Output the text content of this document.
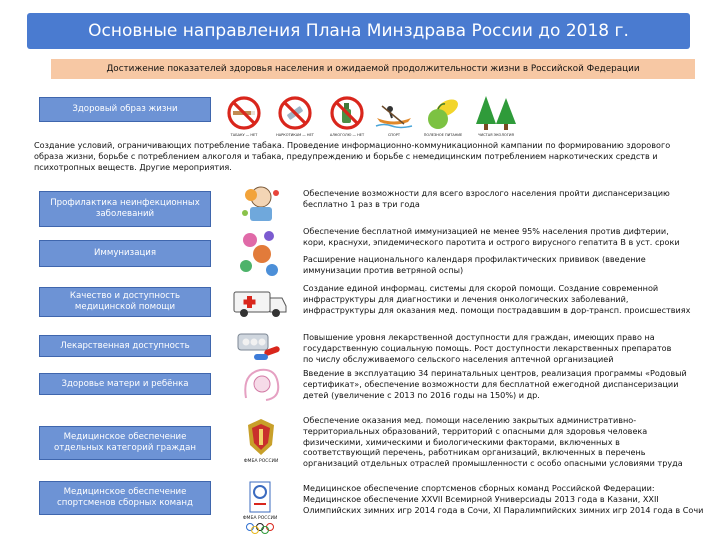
Основные направления Плана Минздрава России до 2018 г.
Достижение показателей здоровья населения и ожидаемой продолжительности жизни в Российской Федерации
Здоровый образ жизни
ТАБАКУ — НЕТ	НАРКОТИКАМ — НЕТ	АЛКОГОЛЮ — НЕТ	СПОРТ	ПОЛЕЗНОЕ ПИТАНИЕ	ЧИСТАЯ ЭКОЛОГИЯ
Создание условий, ограничивающих потребление табака. Проведение информационно-коммуникационной кампании по формированию здорового образа жизни, борьбе с потреблением алкоголя и табака, предупреждению и борьбе с немедицинским потреблением наркотических средств и психотропных веществ. Другие мероприятия.
Профилактика неинфекционных заболеваний
Обеспечение возможности для всего взрослого населения пройти диспансеризацию бесплатно 1 раз в три года
Иммунизация
Обеспечение бесплатной иммунизацией не менее 95% населения против дифтерии, кори, краснухи, эпидемического паротита и острого вирусного гепатита В в уст. сроки
Расширение национального календаря профилактических прививок (введение иммунизации против ветряной оспы)
Качество и доступность медицинской помощи
Создание единой информац. системы для скорой помощи. Создание современной инфраструктуры для диагностики и лечения онкологических заболеваний, инфраструктуры для оказания мед. помощи пострадавшим в дор-трансп. происшествиях
Лекарственная доступность
Повышение уровня лекарственной доступности для граждан, имеющих право на государственную социальную помощь. Рост доступности лекарственных препаратов по числу обслуживаемого сельского населения аптечной организацией
Здоровье матери и ребёнка
Введение в эксплуатацию 34 перинатальных центров, реализация программы «Родовый сертификат», обеспечение возможности для бесплатной ежегодной диспансеризации детей (увеличение с 2013 по 2016 годы на 150%) и др.
Медицинское обеспечение отдельных категорий граждан
ФМБА РОССИИ
Обеспечение оказания мед. помощи населению закрытых административно-территориальных образований, территорий с опасными для здоровья человека физическими, химическими и биологическими факторами, включенных в соответствующий перечень, работникам организаций, включенных в перечень организаций отдельных отраслей промышленности с особо опасными условиями труда
Медицинское обеспечение спортсменов сборных команд
ФМБА РОССИИ
Медицинское обеспечение спортсменов сборных команд Российской Федерации: Медицинское обеспечение XXVII Всемирной Универсиады 2013 года в Казани, XXII Олимпийских зимних игр 2014 года в Сочи, XI Паралимпийских зимних игр 2014 года в Сочи
